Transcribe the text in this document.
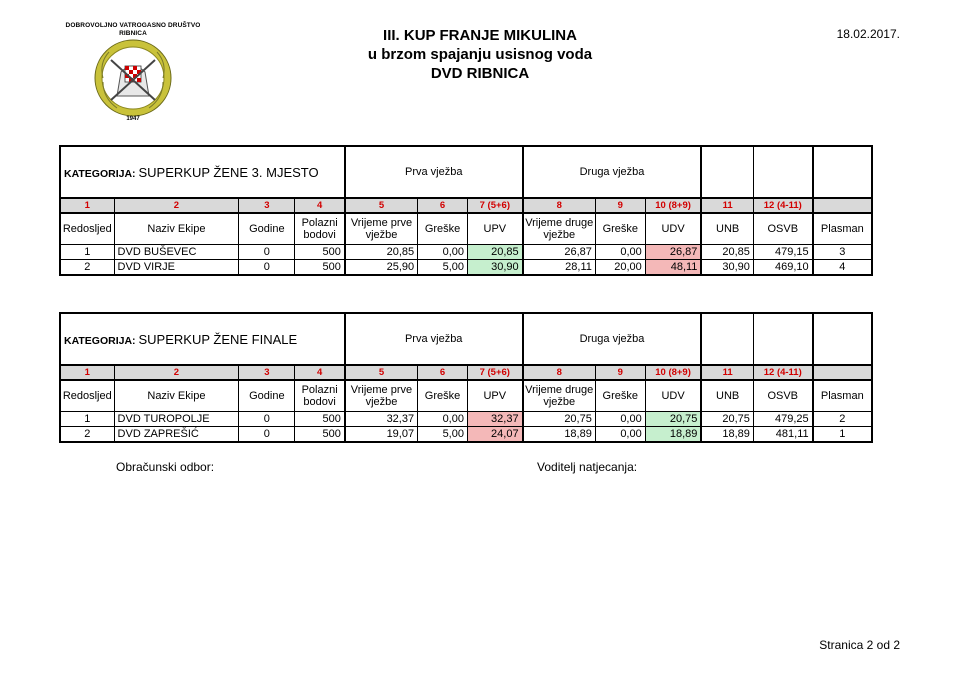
DOBROVOLJNO VATROGASNO DRUŠTVO
RIBNICA
1947
III. KUP FRANJE MIKULINA
u brzom spajanju usisnog voda
DVD RIBNICA
18.02.2017.
KATEGORIJA: SUPERKUP ŽENE 3. MJESTO				Prva vježba			Druga vježba					
1	2	3	4	5	6	7 (5+6)	8	9	10 (8+9)	11	12 (4-11)	
Redosljed	Naziv Ekipe	Godine	Polazni bodovi	Vrijeme prve vježbe	Greške	UPV	Vrijeme druge vježbe	Greške	UDV	UNB	OSVB	Plasman
1	DVD BUŠEVEC	0	500	20,85	0,00	20,85	26,87	0,00	26,87	20,85	479,15	3
2	DVD VIRJE	0	500	25,90	5,00	30,90	28,11	20,00	48,11	30,90	469,10	4
KATEGORIJA: SUPERKUP ŽENE FINALE				Prva vježba			Druga vježba					
1	2	3	4	5	6	7 (5+6)	8	9	10 (8+9)	11	12 (4-11)	
Redosljed	Naziv Ekipe	Godine	Polazni bodovi	Vrijeme prve vježbe	Greške	UPV	Vrijeme druge vježbe	Greške	UDV	UNB	OSVB	Plasman
1	DVD TUROPOLJE	0	500	32,37	0,00	32,37	20,75	0,00	20,75	20,75	479,25	2
2	DVD ZAPREŠIĆ	0	500	19,07	5,00	24,07	18,89	0,00	18,89	18,89	481,11	1
Obračunski odbor:	Voditelj natjecanja:
Stranica 2 od 2
